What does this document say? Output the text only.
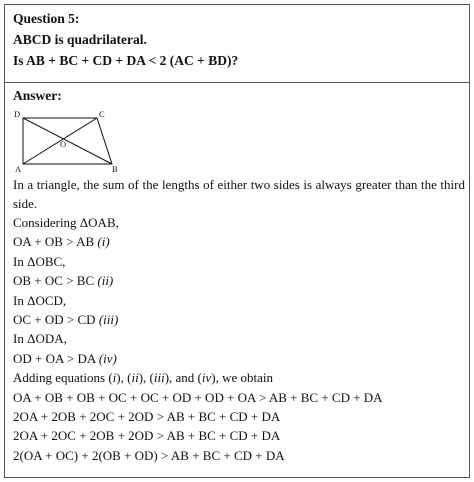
Question 5:
ABCD is quadrilateral.
Is AB + BC + CD + DA < 2 (AC + BD)?
Answer:
D	C
O
A	B
In a triangle, the sum of the lengths of either two sides is always greater than the third side.
Considering ΔOAB,
OA + OB > AB (i)
In ΔOBC,
OB + OC > BC (ii)
In ΔOCD,
OC + OD > CD (iii)
In ΔODA,
OD + OA > DA (iv)
Adding equations (i), (ii), (iii), and (iv), we obtain
OA + OB + OB + OC + OC + OD + OD + OA > AB + BC + CD + DA
2OA + 2OB + 2OC + 2OD > AB + BC + CD + DA
2OA + 2OC + 2OB + 2OD > AB + BC + CD + DA
2(OA + OC) + 2(OB + OD) > AB + BC + CD + DA
